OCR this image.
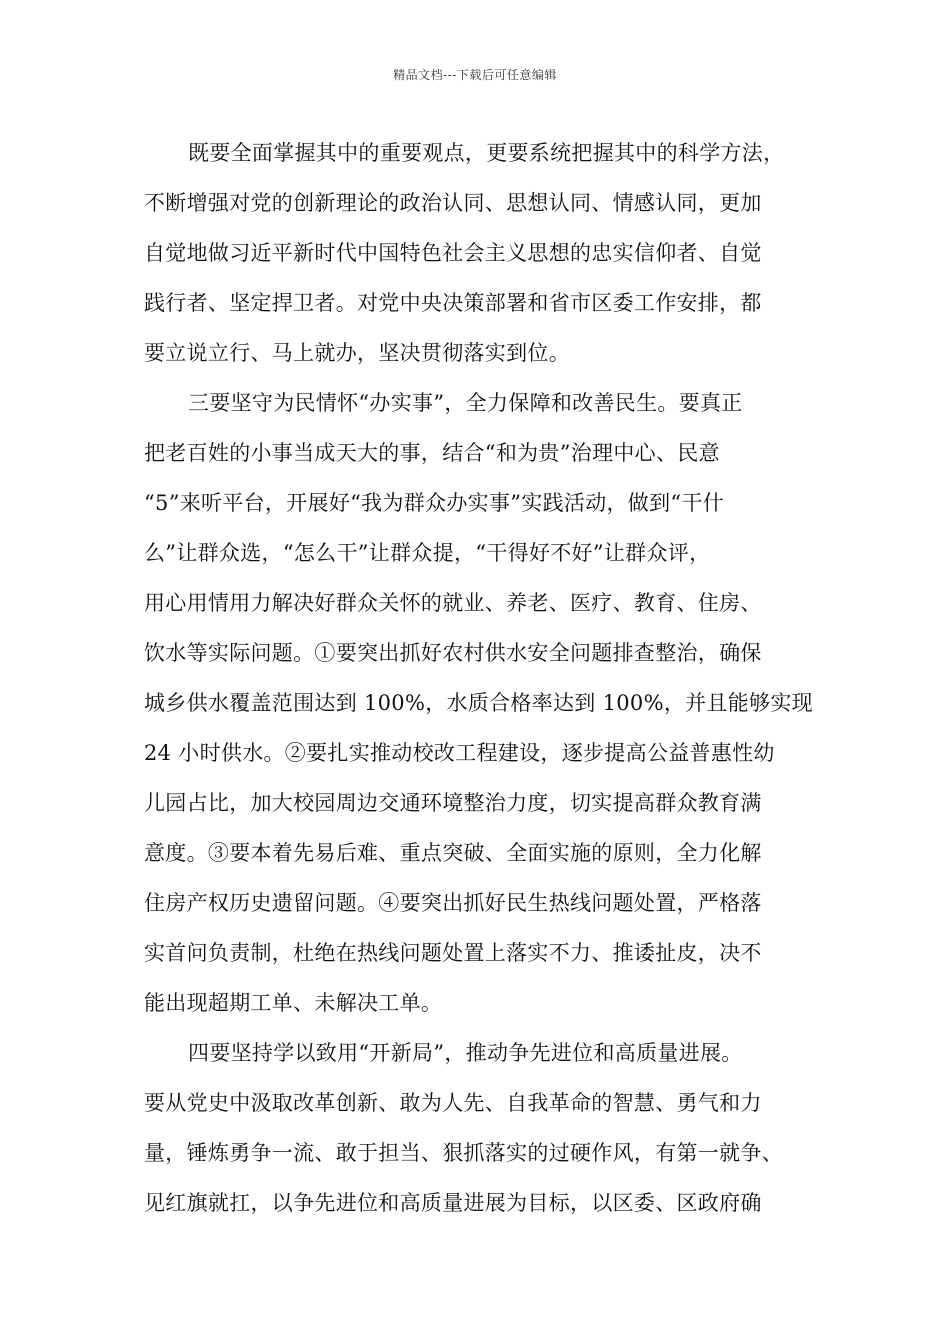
精品文档---下载后可任意编辑

既要全面掌握其中的重要观点，更要系统把握其中的科学方法，
不断增强对党的创新理论的政治认同、思想认同、情感认同，更加
自觉地做习近平新时代中国特色社会主义思想的忠实信仰者、自觉
践行者、坚定捍卫者。对党中央决策部署和省市区委工作安排，都
要立说立行、马上就办，坚决贯彻落实到位。

三要坚守为民情怀“办实事”，全力保障和改善民生。要真正
把老百姓的小事当成天大的事，结合“和为贵”治理中心、民意
“5”来听平台，开展好“我为群众办实事”实践活动，做到“干什
么”让群众选，“怎么干”让群众提，“干得好不好”让群众评，
用心用情用力解决好群众关怀的就业、养老、医疗、教育、住房、
饮水等实际问题。①要突出抓好农村供水安全问题排查整治，确保
城乡供水覆盖范围达到 100%，水质合格率达到 100%，并且能够实现
24 小时供水。②要扎实推动校改工程建设，逐步提高公益普惠性幼
儿园占比，加大校园周边交通环境整治力度，切实提高群众教育满
意度。③要本着先易后难、重点突破、全面实施的原则，全力化解
住房产权历史遗留问题。④要突出抓好民生热线问题处置，严格落
实首问负责制，杜绝在热线问题处置上落实不力、推诿扯皮，决不
能出现超期工单、未解决工单。

四要坚持学以致用“开新局”，推动争先进位和高质量进展。
要从党史中汲取改革创新、敢为人先、自我革命的智慧、勇气和力
量，锤炼勇争一流、敢于担当、狠抓落实的过硬作风，有第一就争、
见红旗就扛，以争先进位和高质量进展为目标，以区委、区政府确
